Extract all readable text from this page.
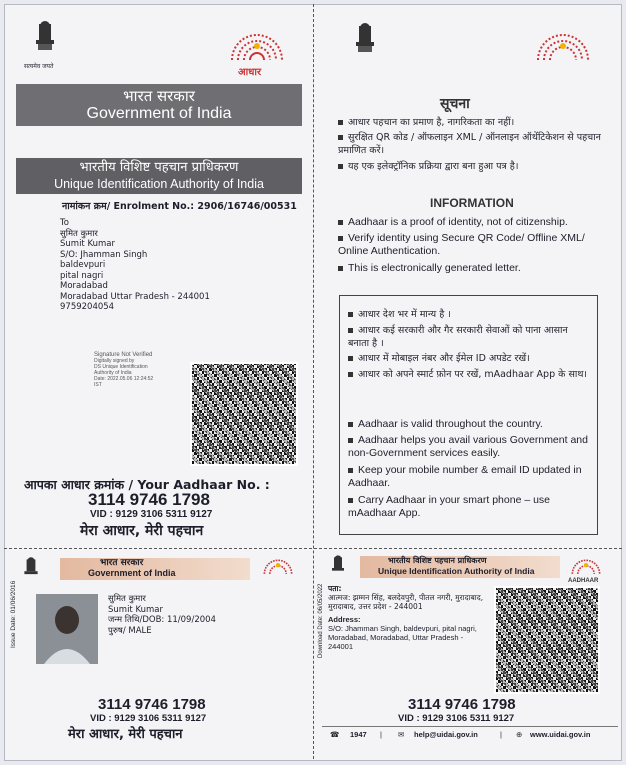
सत्यमेव जयते
आधार
भारत सरकार
Government of India
भारतीय विशिष्ट पहचान प्राधिकरण
Unique Identification Authority of India
नामांकन क्रम/ Enrolment No.: 2906/16746/00531
To
सुमित कुमार
Sumit Kumar
S/O: Jhamman Singh
baldevpuri
pital nagri
Moradabad
Moradabad Uttar Pradesh - 244001
9759204054
Signature Not Verified
Digitally signed by
DS Unique Identification
Authority of India
Date: 2022.05.06 12:24:52
IST
आपका आधार क्रमांक / Your Aadhaar No. :
3114 9746 1798
VID : 9129 3106 5311 9127
मेरा आधार, मेरी पहचान
सूचना
आधार पहचान का प्रमाण है, नागरिकता का नहीं।
सुरक्षित QR कोड / ऑफलाइन XML / ऑनलाइन ऑथेंटिकेशन से पहचान प्रमाणित करें।
यह एक इलेक्ट्रॉनिक प्रक्रिया द्वारा बना हुआ पत्र है।
INFORMATION
Aadhaar is a proof of identity, not of citizenship.
Verify identity using Secure QR Code/ Offline XML/ Online Authentication.
This is electronically generated letter.
आधार देश भर में मान्य है ।
आधार कई सरकारी और गैर सरकारी सेवाओं को पाना आसान बनाता है ।
आधार में मोबाइल नंबर और ईमेल ID अपडेट रखें।
आधार को अपने स्मार्ट फ़ोन पर रखें, mAadhaar App के साथ।
Aadhaar is valid throughout the country.
Aadhaar helps you avail various Government and non-Government services easily.
Keep your mobile number & email ID updated in Aadhaar.
Carry Aadhaar in your smart phone – use mAadhaar App.
भारत सरकार
Government of India
Issue Date: 01/06/2016	सुमित कुमार
Sumit Kumar
जन्म तिथि/DOB: 11/09/2004
पुरुष/ MALE
3114 9746 1798
VID : 9129 3106 5311 9127
मेरा आधार, मेरी पहचान
भारतीय विशिष्ट पहचान प्राधिकरण
Unique Identification Authority of India
AADHAAR
Download Date: 06/05/2022 पता:
आत्मज: झम्मन सिंह, बलदेवपुरी, पीतल नगरी, मुरादाबाद, मुरादाबाद, उत्तर प्रदेश - 244001
Address:
S/O: Jhamman Singh, baldevpuri, pital nagri, Moradabad, Moradabad, Uttar Pradesh - 244001
3114 9746 1798
VID : 9129 3106 5311 9127
☎ 1947 | ✉ help@uidai.gov.in	| ⊕ www.uidai.gov.in
